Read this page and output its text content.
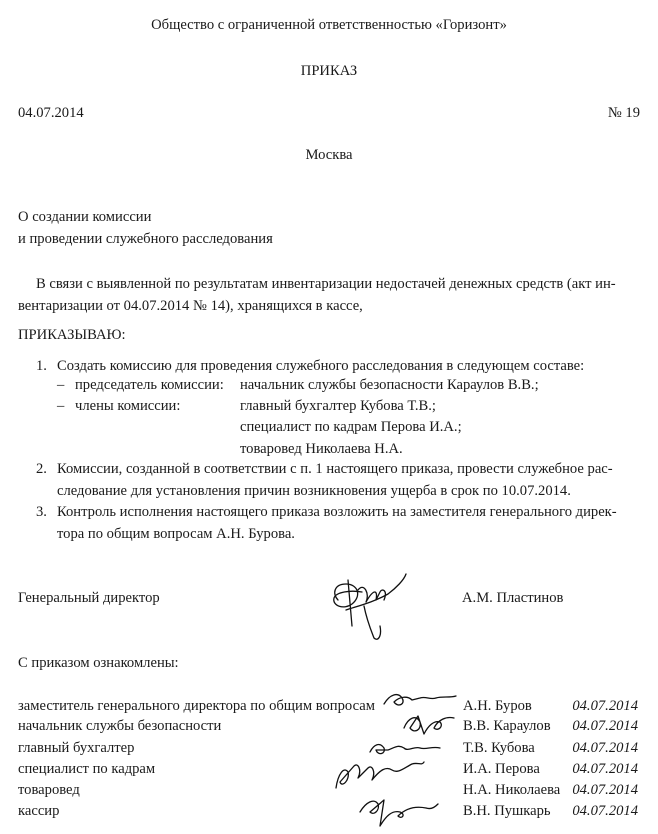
Общество с ограниченной ответственностью «Горизонт»
ПРИКАЗ
04.07.2014	№ 19
Москва
О создании комиссии
и проведении служебного расследования
В связи с выявленной по результатам инвентаризации недостачей денежных средств (акт ин-
вентаризации от 04.07.2014 № 14), хранящихся в кассе,
ПРИКАЗЫВАЮ:
1. Создать комиссию для проведения служебного расследования в следующем составе:
– председатель комиссии: начальник службы безопасности Караулов В.В.;
– члены комиссии:	главный бухгалтер Кубова Т.В.;
специалист по кадрам Перова И.А.;
товаровед Николаева Н.А.
2. Комиссии, созданной в соответствии с п. 1 настоящего приказа, провести служебное рас-
следование для установления причин возникновения ущерба в срок по 10.07.2014.
3. Контроль исполнения настоящего приказа возложить на заместителя генерального дирек-
тора по общим вопросам А.Н. Бурова.
Генеральный директор	А.М. Пластинов
С приказом ознакомлены:
заместитель генерального директора по общим вопросам	А.Н. Буров	04.07.2014
начальник службы безопасности	В.В. Караулов 04.07.2014
главный бухгалтер	Т.В. Кубова	04.07.2014
специалист по кадрам	И.А. Перова 04.07.2014
товаровед	Н.А. Николаева 04.07.2014
кассир	В.Н. Пушкарь 04.07.2014
